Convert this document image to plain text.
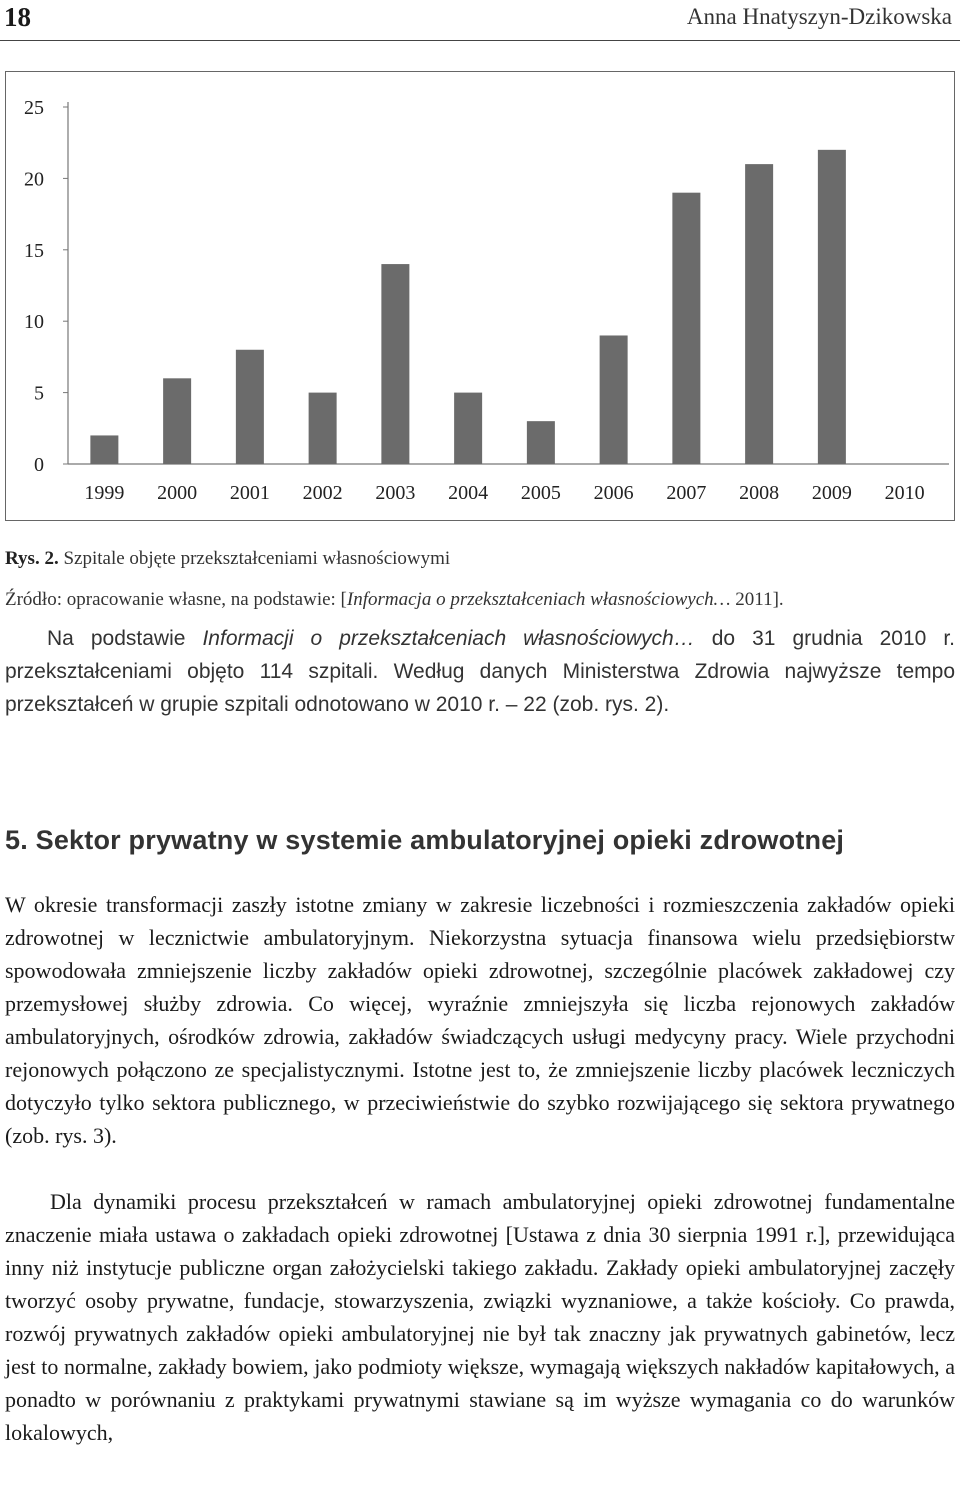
18	Anna Hnatyszyn-Dzikowska
0
5
10
15
20
25
1999 2000 2001 2002 2003 2004 2005 2006 2007 2008 2009 2010
Rys. 2. Szpitale objęte przekształceniami własnościowymi
Źródło: opracowanie własne, na podstawie: [Informacja o przekształceniach własnościowych… 2011].

Na podstawie Informacji o przekształceniach własnościowych… do 31 grudnia 2010 r. przekształceniami objęto 114 szpitali. Według danych Ministerstwa Zdrowia najwyższe tempo przekształceń w grupie szpitali odnotowano w 2010 r. – 22 (zob. rys. 2).

5. Sektor prywatny w systemie ambulatoryjnej opieki zdrowotnej

W okresie transformacji zaszły istotne zmiany w zakresie liczebności i rozmieszczenia zakładów opieki zdrowotnej w lecznictwie ambulatoryjnym. Niekorzystna sytuacja finansowa wielu przedsiębiorstw spowodowała zmniejszenie liczby zakładów opieki zdrowotnej, szczególnie placówek zakładowej czy przemysłowej służby zdrowia. Co więcej, wyraźnie zmniejszyła się liczba rejonowych zakładów ambulatoryjnych, ośrodków zdrowia, zakładów świadczących usługi medycyny pracy. Wiele przychodni rejonowych połączono ze specjalistycznymi. Istotne jest to, że zmniejszenie liczby placówek leczniczych dotyczyło tylko sektora publicznego, w przeciwieństwie do szybko rozwijającego się sektora prywatnego (zob. rys. 3).

Dla dynamiki procesu przekształceń w ramach ambulatoryjnej opieki zdrowotnej fundamentalne znaczenie miała ustawa o zakładach opieki zdrowotnej [Ustawa z dnia 30 sierpnia 1991 r.], przewidująca inny niż instytucje publiczne organ założycielski takiego zakładu. Zakłady opieki ambulatoryjnej zaczęły tworzyć osoby prywatne, fundacje, stowarzyszenia, związki wyznaniowe, a także kościoły. Co prawda, rozwój prywatnych zakładów opieki ambulatoryjnej nie był tak znaczny jak prywatnych gabinetów, lecz jest to normalne, zakłady bowiem, jako podmioty większe, wymagają większych nakładów kapitałowych, a ponadto w porównaniu z praktykami prywatnymi stawiane są im wyższe wymagania co do warunków lokalowych,
